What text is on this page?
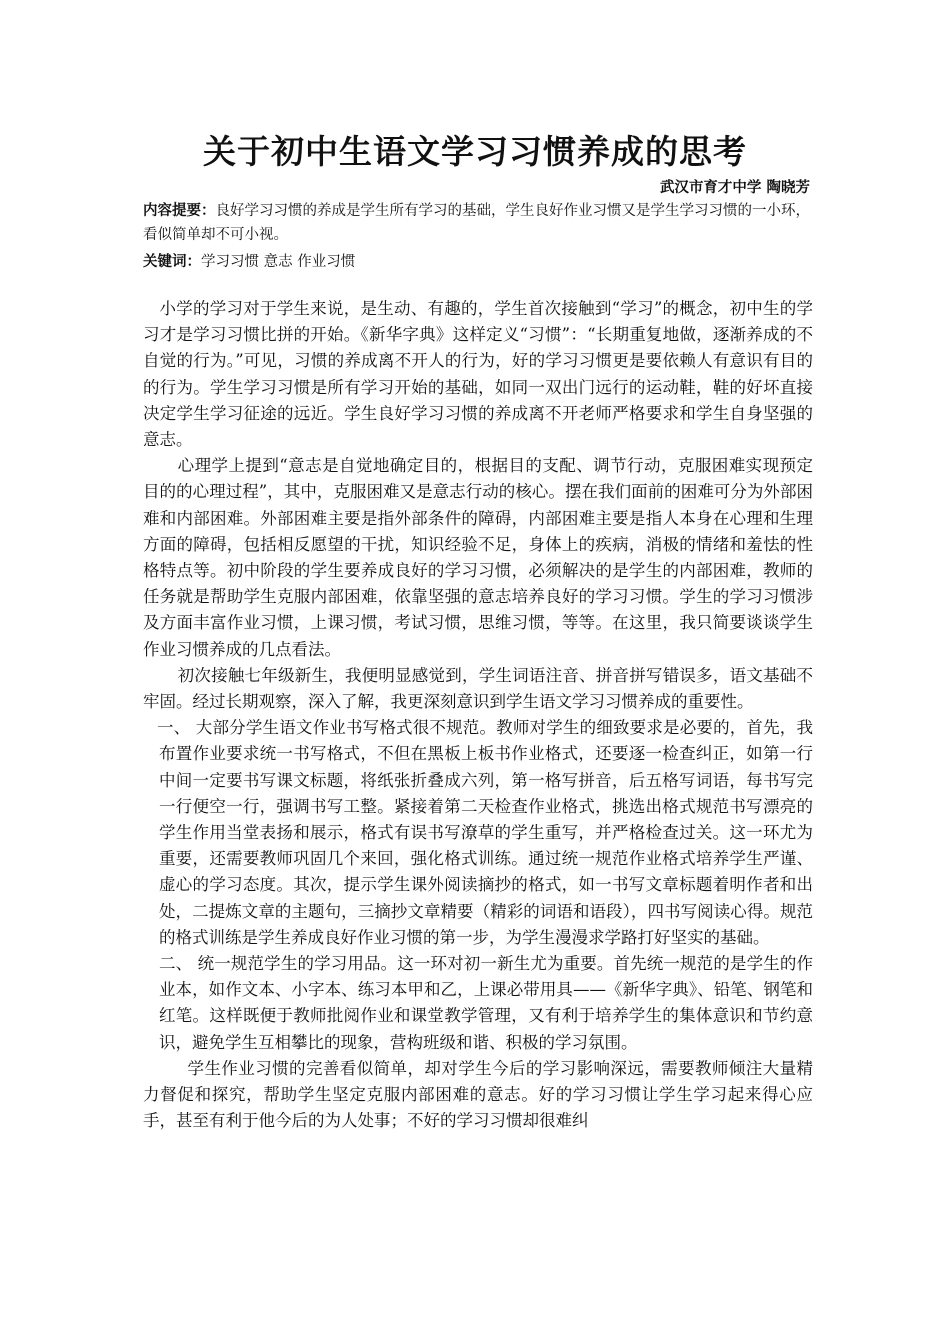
关于初中生语文学习习惯养成的思考
武汉市育才中学 陶晓芳
内容提要：良好学习习惯的养成是学生所有学习的基础，学生良好作业习惯又是学生学习习惯的一小环，看似简单却不可小视。
关键词：学习习惯 意志 作业习惯

小学的学习对于学生来说，是生动、有趣的，学生首次接触到“学习”的概念，初中生的学习才是学习习惯比拼的开始。《新华字典》这样定义“习惯”：“长期重复地做，逐渐养成的不自觉的行为。”可见，习惯的养成离不开人的行为，好的学习习惯更是要依赖人有意识有目的的行为。学生学习习惯是所有学习开始的基础，如同一双出门远行的运动鞋，鞋的好坏直接决定学生学习征途的远近。学生良好学习习惯的养成离不开老师严格要求和学生自身坚强的意志。

心理学上提到“意志是自觉地确定目的，根据目的支配、调节行动，克服困难实现预定目的的心理过程”，其中，克服困难又是意志行动的核心。摆在我们面前的困难可分为外部困难和内部困难。外部困难主要是指外部条件的障碍，内部困难主要是指人本身在心理和生理方面的障碍，包括相反愿望的干扰，知识经验不足，身体上的疾病，消极的情绪和羞怯的性格特点等。初中阶段的学生要养成良好的学习习惯，必须解决的是学生的内部困难，教师的任务就是帮助学生克服内部困难，依靠坚强的意志培养良好的学习习惯。学生的学习习惯涉及方面丰富作业习惯，上课习惯，考试习惯，思维习惯，等等。在这里，我只简要谈谈学生作业习惯养成的几点看法。

初次接触七年级新生，我便明显感觉到，学生词语注音、拼音拼写错误多，语文基础不牢固。经过长期观察，深入了解，我更深刻意识到学生语文学习习惯养成的重要性。

一、 大部分学生语文作业书写格式很不规范。教师对学生的细致要求是必要的，首先，我布置作业要求统一书写格式，不但在黑板上板书作业格式，还要逐一检查纠正，如第一行中间一定要书写课文标题，将纸张折叠成六列，第一格写拼音，后五格写词语，每书写完一行便空一行，强调书写工整。紧接着第二天检查作业格式，挑选出格式规范书写漂亮的学生作用当堂表扬和展示，格式有误书写潦草的学生重写，并严格检查过关。这一环尤为重要，还需要教师巩固几个来回，强化格式训练。通过统一规范作业格式培养学生严谨、虚心的学习态度。其次，提示学生课外阅读摘抄的格式，如一书写文章标题着明作者和出处，二提炼文章的主题句，三摘抄文章精要（精彩的词语和语段），四书写阅读心得。规范的格式训练是学生养成良好作业习惯的第一步，为学生漫漫求学路打好坚实的基础。

二、 统一规范学生的学习用品。这一环对初一新生尤为重要。首先统一规范的是学生的作业本，如作文本、小字本、练习本甲和乙，上课必带用具——《新华字典》、铅笔、钢笔和红笔。这样既便于教师批阅作业和课堂教学管理，又有利于培养学生的集体意识和节约意识，避免学生互相攀比的现象，营构班级和谐、积极的学习氛围。

学生作业习惯的完善看似简单，却对学生今后的学习影响深远，需要教师倾注大量精力督促和探究，帮助学生坚定克服内部困难的意志。好的学习习惯让学生学习起来得心应手，甚至有利于他今后的为人处事；不好的学习习惯却很难纠
